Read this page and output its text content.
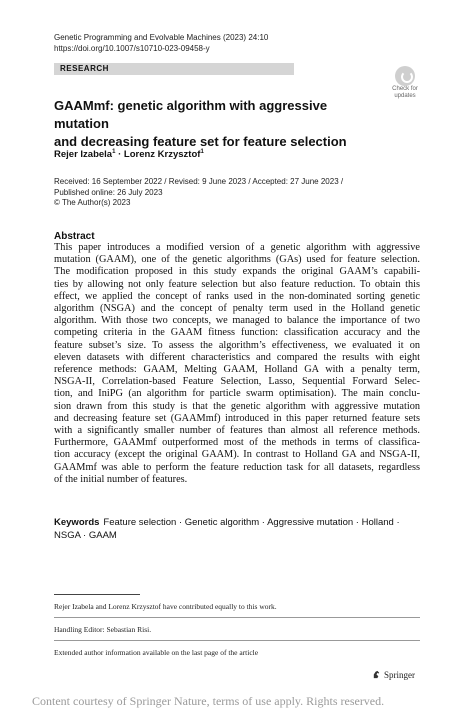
Genetic Programming and Evolvable Machines (2023) 24:10
https://doi.org/10.1007/s10710-023-09458-y
RESEARCH
Check for
updates
GAAMmf: genetic algorithm with aggressive mutation
and decreasing feature set for feature selection
Rejer Izabela$^1$ · Lorenz Krzysztof$^1$
Received: 16 September 2022 / Revised: 9 June 2023 / Accepted: 27 June 2023 /
Published online: 26 July 2023
© The Author(s) 2023
Abstract
This paper introduces a modified version of a genetic algorithm with aggressive
mutation (GAAM), one of the genetic algorithms (GAs) used for feature selection.
The modification proposed in this study expands the original GAAM’s capabili-
ties by allowing not only feature selection but also feature reduction. To obtain this
effect, we applied the concept of ranks used in the non-dominated sorting genetic
algorithm (NSGA) and the concept of penalty term used in the Holland genetic
algorithm. With those two concepts, we managed to balance the importance of two
competing criteria in the GAAM fitness function: classification accuracy and the
feature subset’s size. To assess the algorithm’s effectiveness, we evaluated it on
eleven datasets with different characteristics and compared the results with eight
reference methods: GAAM, Melting GAAM, Holland GA with a penalty term,
NSGA-II, Correlation-based Feature Selection, Lasso, Sequential Forward Selec-
tion, and IniPG (an algorithm for particle swarm optimisation). The main conclu-
sion drawn from this study is that the genetic algorithm with aggressive mutation
and decreasing feature set (GAAMmf) introduced in this paper returned feature sets
with a significantly smaller number of features than almost all reference methods.
Furthermore, GAAMmf outperformed most of the methods in terms of classifica-
tion accuracy (except the original GAAM). In contrast to Holland GA and NSGA-II,
GAAMmf was able to perform the feature reduction task for all datasets, regardless
of the initial number of features.
Keywords Feature selection · Genetic algorithm · Aggressive mutation · Holland ·
NSGA · GAAM
Rejer Izabela and Lorenz Krzysztof have contributed equally to this work.
Handling Editor: Sebastian Risi.
Extended author information available on the last page of the article
Springer
Content courtesy of Springer Nature, terms of use apply. Rights reserved.
